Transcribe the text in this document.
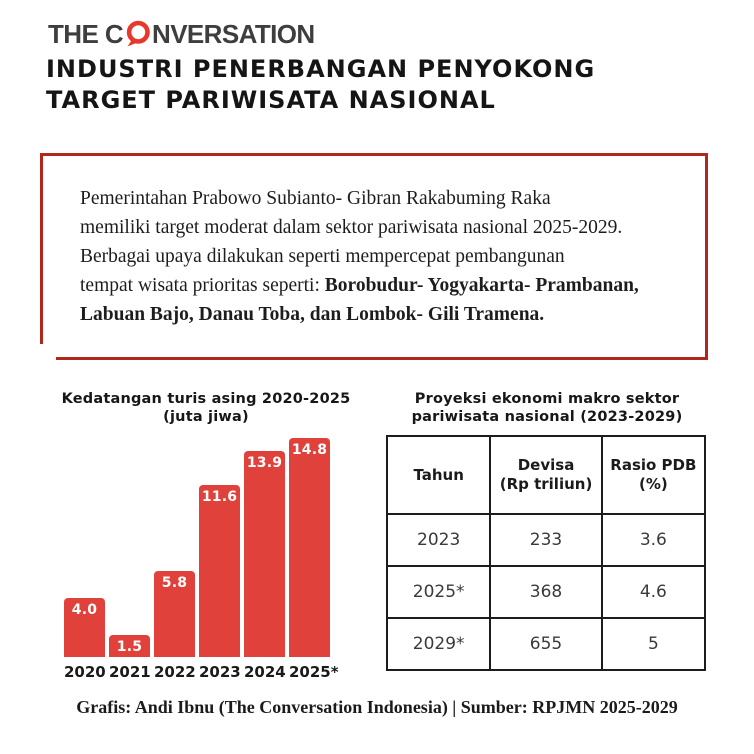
THE C NVERSATION
INDUSTRI PENERBANGAN PENYOKONG
TARGET PARIWISATA NASIONAL
Pemerintahan Prabowo Subianto- Gibran Rakabuming Raka
memiliki target moderat dalam sektor pariwisata nasional 2025-2029.
Berbagai upaya dilakukan seperti mempercepat pembangunan
tempat wisata prioritas seperti: Borobudur- Yogyakarta- Prambanan,
Labuan Bajo, Danau Toba, dan Lombok- Gili Tramena.
Kedatangan turis asing 2020-2025
(juta jiwa)
4.0
1.5
5.8
11.6
13.9
14.8
2020 2021 2022 2023 2024 2025*
Proyeksi ekonomi makro sektor
pariwisata nasional (2023-2029)
Tahun

Devisa
(Rp triliun)

Rasio PDB
(%)

2023	233	3.6
2025*	368	4.6
2029*	655	5
Grafis: Andi Ibnu (The Conversation Indonesia) | Sumber: RPJMN 2025-2029
